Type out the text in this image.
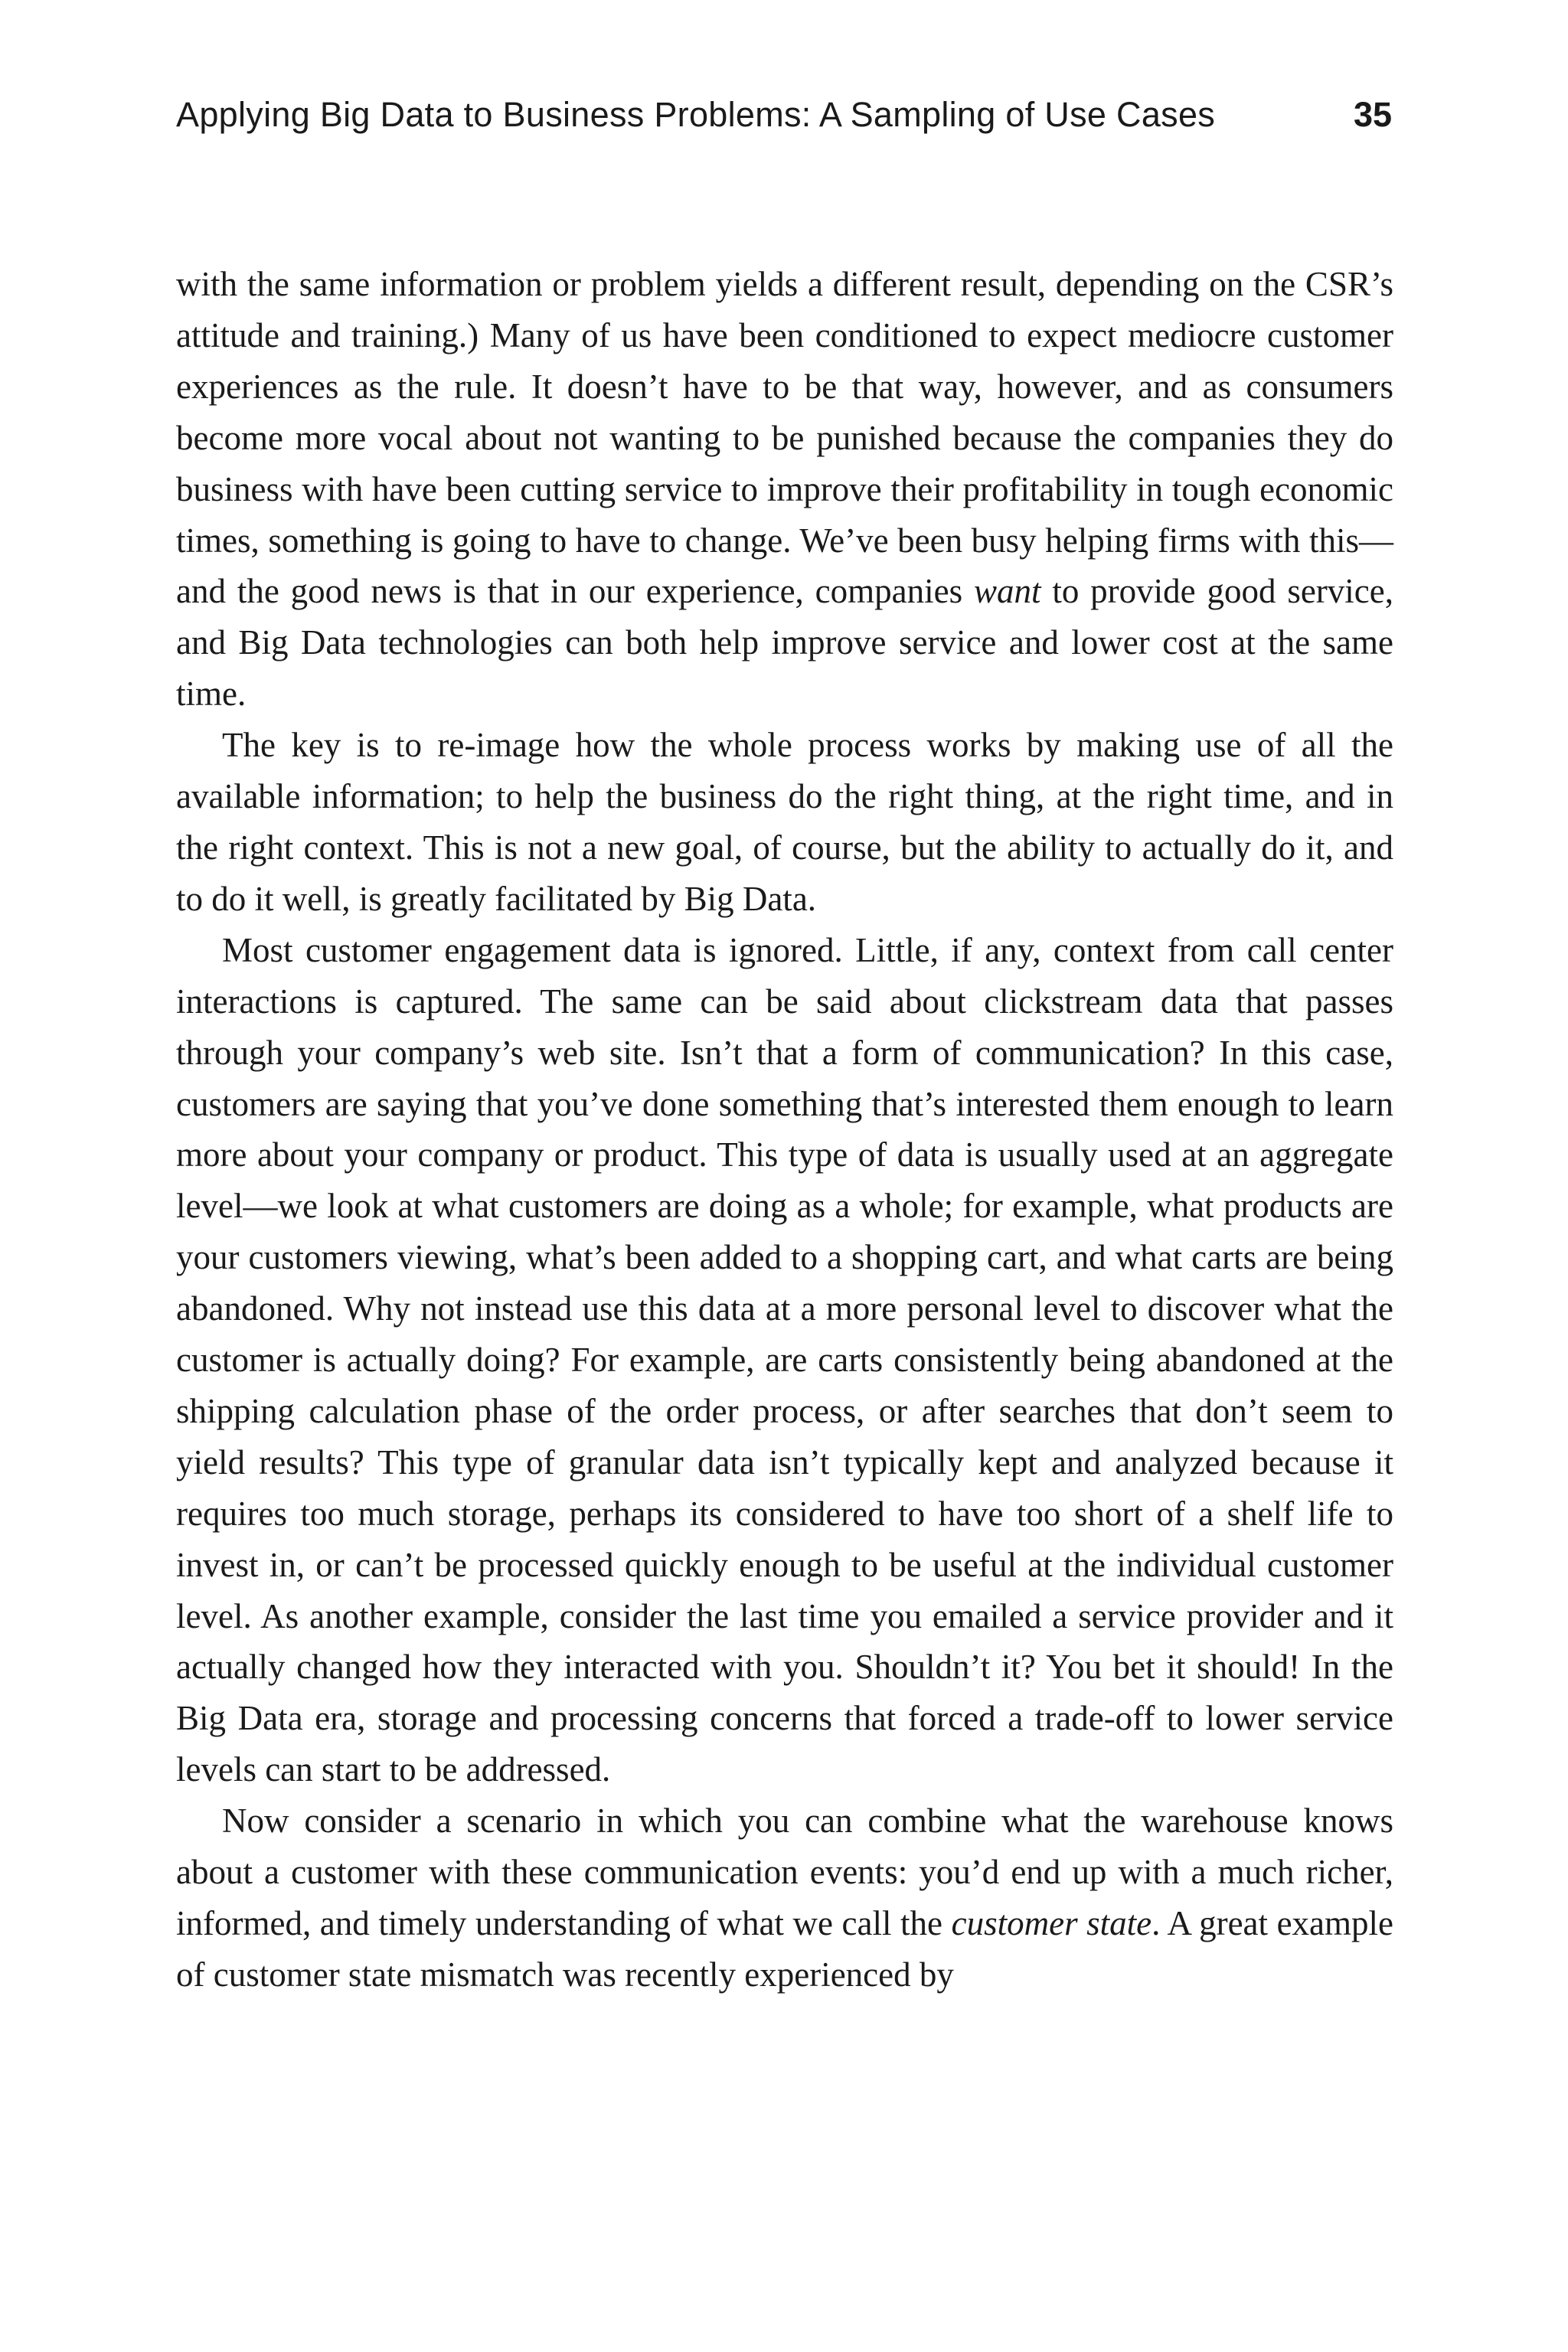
Applying Big Data to Business Problems: A Sampling of Use Cases	35

with the same information or problem yields a different result, depending on the CSR’s attitude and training.) Many of us have been conditioned to expect mediocre customer experiences as the rule. It doesn’t have to be that way, however, and as consumers become more vocal about not wanting to be punished because the companies they do business with have been cutting service to improve their profitability in tough economic times, something is going to have to change. We’ve been busy helping firms with this—and the good news is that in our experience, companies want to provide good service, and Big Data technologies can both help improve service and lower cost at the same time.

The key is to re-image how the whole process works by making use of all the available information; to help the business do the right thing, at the right time, and in the right context. This is not a new goal, of course, but the ability to actually do it, and to do it well, is greatly facilitated by Big Data.

Most customer engagement data is ignored. Little, if any, context from call center interactions is captured. The same can be said about clickstream data that passes through your company’s web site. Isn’t that a form of communication? In this case, customers are saying that you’ve done something that’s interested them enough to learn more about your company or product. This type of data is usually used at an aggregate level—we look at what customers are doing as a whole; for example, what products are your customers viewing, what’s been added to a shopping cart, and what carts are being abandoned. Why not instead use this data at a more personal level to discover what the customer is actually doing? For example, are carts consistently being abandoned at the shipping calculation phase of the order process, or after searches that don’t seem to yield results? This type of granular data isn’t typically kept and analyzed because it requires too much storage, perhaps its considered to have too short of a shelf life to invest in, or can’t be processed quickly enough to be useful at the individual customer level. As another example, consider the last time you emailed a service provider and it actually changed how they interacted with you. Shouldn’t it? You bet it should! In the Big Data era, storage and processing concerns that forced a trade-off to lower service levels can start to be addressed.

Now consider a scenario in which you can combine what the warehouse knows about a customer with these communication events: you’d end up with a much richer, informed, and timely understanding of what we call the customer state. A great example of customer state mismatch was recently experienced by
